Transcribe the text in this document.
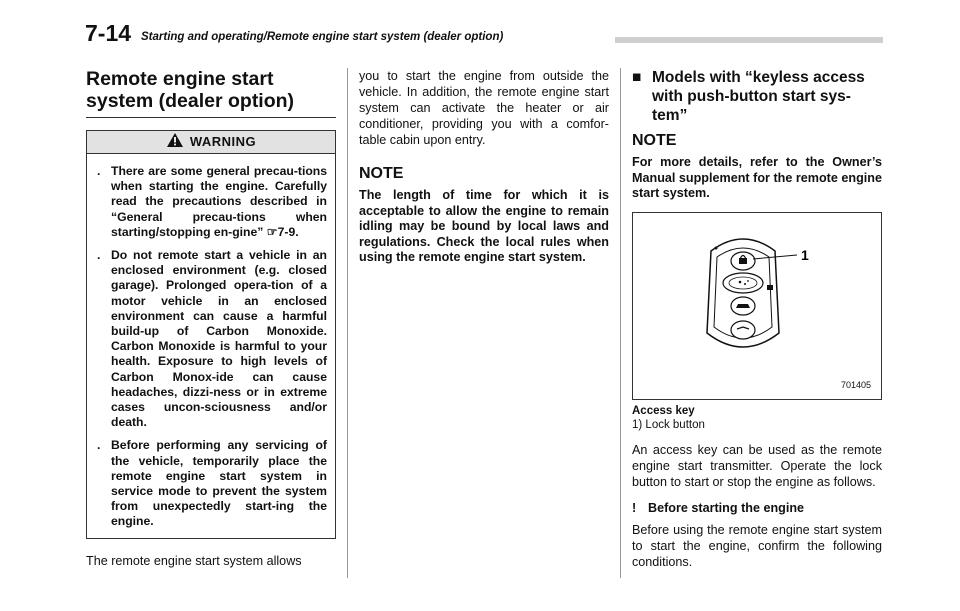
7-14 Starting and operating/Remote engine start system (dealer option)
Remote engine start system (dealer option)
WARNING
. There are some general precau-tions when starting the engine. Carefully read the precautions described in “General precau-tions when starting/stopping en-gine” ☞7-9.
. Do not remote start a vehicle in an enclosed environment (e.g. closed garage). Prolonged opera-tion of a motor vehicle in an enclosed environment can cause a harmful build-up of Carbon Monoxide. Carbon Monoxide is harmful to your health. Exposure to high levels of Carbon Monox-ide can cause headaches, dizzi-ness or in extreme cases uncon-sciousness and/or death.
. Before performing any servicing of the vehicle, temporarily place the remote engine start system in service mode to prevent the system from unexpectedly start-ing the engine.

The remote engine start system allows

you to start the engine from outside the vehicle. In addition, the remote engine start system can activate the heater or air conditioner, providing you with a comfor-table cabin upon entry.

NOTE

The length of time for which it is acceptable to allow the engine to remain idling may be bound by local laws and regulations. Check the local rules when using the remote engine start system.

■ Models with “keyless access with push-button start sys-tem”
NOTE

For more details, refer to the Owner’s Manual supplement for the remote engine start system.

1
701405
Access key
1) Lock button

An access key can be used as the remote engine start transmitter. Operate the lock button to start or stop the engine as follows.

! Before starting the engine

Before using the remote engine start system to start the engine, confirm the following conditions.
